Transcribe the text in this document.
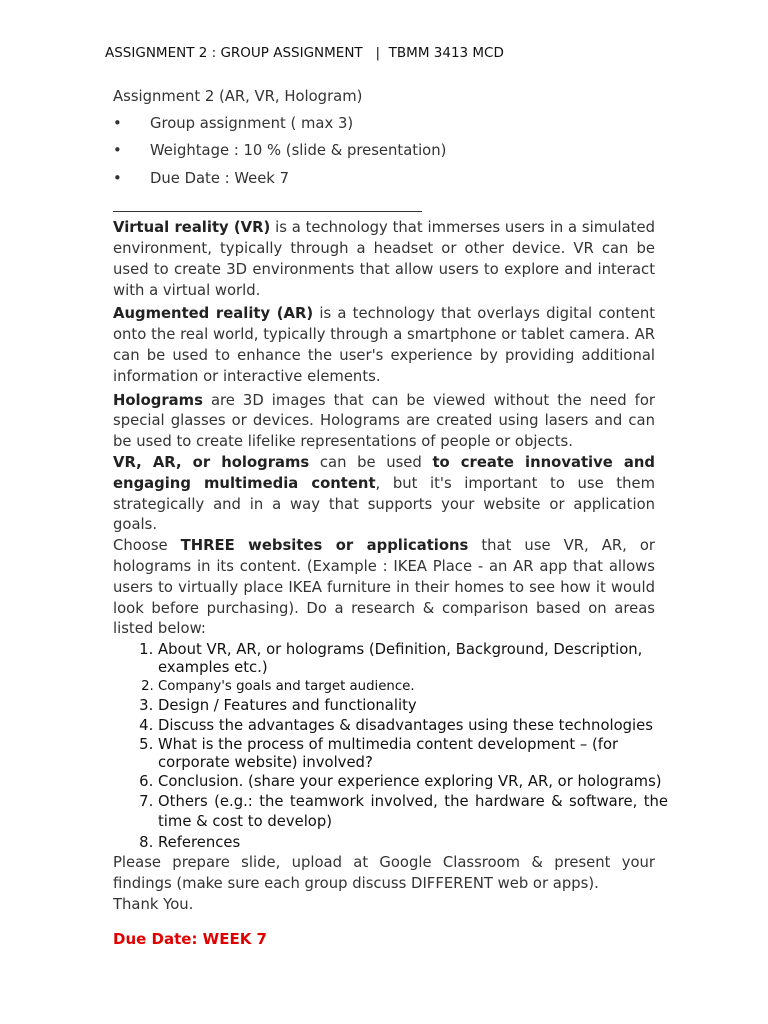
ASSIGNMENT 2 : GROUP ASSIGNMENT   |  TBMM 3413 MCD

Assignment 2 (AR, VR, Hologram)

• Group assignment ( max 3)
• Weightage : 10 % (slide & presentation)
• Due Date : Week 7

Virtual reality (VR) is a technology that immerses users in a simulated environment, typically through a headset or other device. VR can be used to create 3D environments that allow users to explore and interact with a virtual world.

Augmented reality (AR) is a technology that overlays digital content onto the real world, typically through a smartphone or tablet camera. AR can be used to enhance the user's experience by providing additional information or interactive elements.

Holograms are 3D images that can be viewed without the need for special glasses or devices. Holograms are created using lasers and can be used to create lifelike representations of people or objects.

VR, AR, or holograms can be used to create innovative and engaging multimedia content, but it's important to use them strategically and in a way that supports your website or application goals.

Choose THREE websites or applications that use VR, AR, or holograms in its content. (Example : IKEA Place - an AR app that allows users to virtually place IKEA furniture in their homes to see how it would look before purchasing). Do a research & comparison based on areas listed below:

1. About VR, AR, or holograms (Definition, Background, Description, examples etc.)
2. Company's goals and target audience.
3. Design / Features and functionality
4. Discuss the advantages & disadvantages using these technologies
5. What is the process of multimedia content development – (for corporate website) involved?
6. Conclusion. (share your experience exploring VR, AR, or holograms)
7. Others (e.g.: the teamwork involved, the hardware & software, the time & cost to develop)
8. References

Please prepare slide, upload at Google Classroom & present your findings (make sure each group discuss DIFFERENT web or apps).

Thank You.

Due Date: WEEK 7
